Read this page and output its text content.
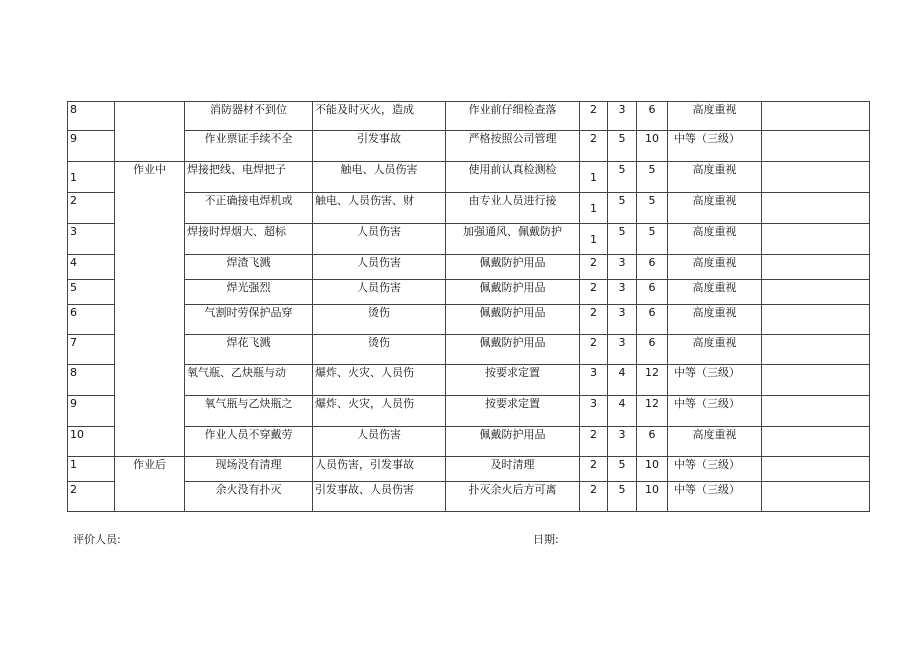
8		消防器材不到位	不能及时灭火，造成	作业前仔细检查落	2	3	6	高度重视	
9		作业票证手续不全	引发事故	严格按照公司管理	2	5	10	中等（三级）	
1	作业中	焊接把线、电焊把子	触电、人员伤害	使用前认真检测检	1	5	5	高度重视	
2		不正确接电焊机或	触电、人员伤害、财	由专业人员进行接	1	5	5	高度重视	
3		焊接时焊烟大、超标	人员伤害	加强通风、佩戴防护	1	5	5	高度重视	
4		焊渣飞溅	人员伤害	佩戴防护用品	2	3	6	高度重视	
5		焊光强烈	人员伤害	佩戴防护用品	2	3	6	高度重视	
6		气割时劳保护品穿	烫伤	佩戴防护用品	2	3	6	高度重视	
7		焊花飞溅	烫伤	佩戴防护用品	2	3	6	高度重视	
8		氧气瓶、乙炔瓶与动	爆炸、火灾、人员伤	按要求定置	3	4	12	中等（三级）	
9		氧气瓶与乙炔瓶之	爆炸、火灾，人员伤	按要求定置	3	4	12	中等（三级）	
10		作业人员不穿戴劳	人员伤害	佩戴防护用品	2	3	6	高度重视	
1	作业后	现场没有清理	人员伤害，引发事故	及时清理	2	5	10	中等（三级）	
2		余火没有扑灭	引发事故、人员伤害	扑灭余火后方可离	2	5	10	中等（三级）	
评价人员:	日期:
